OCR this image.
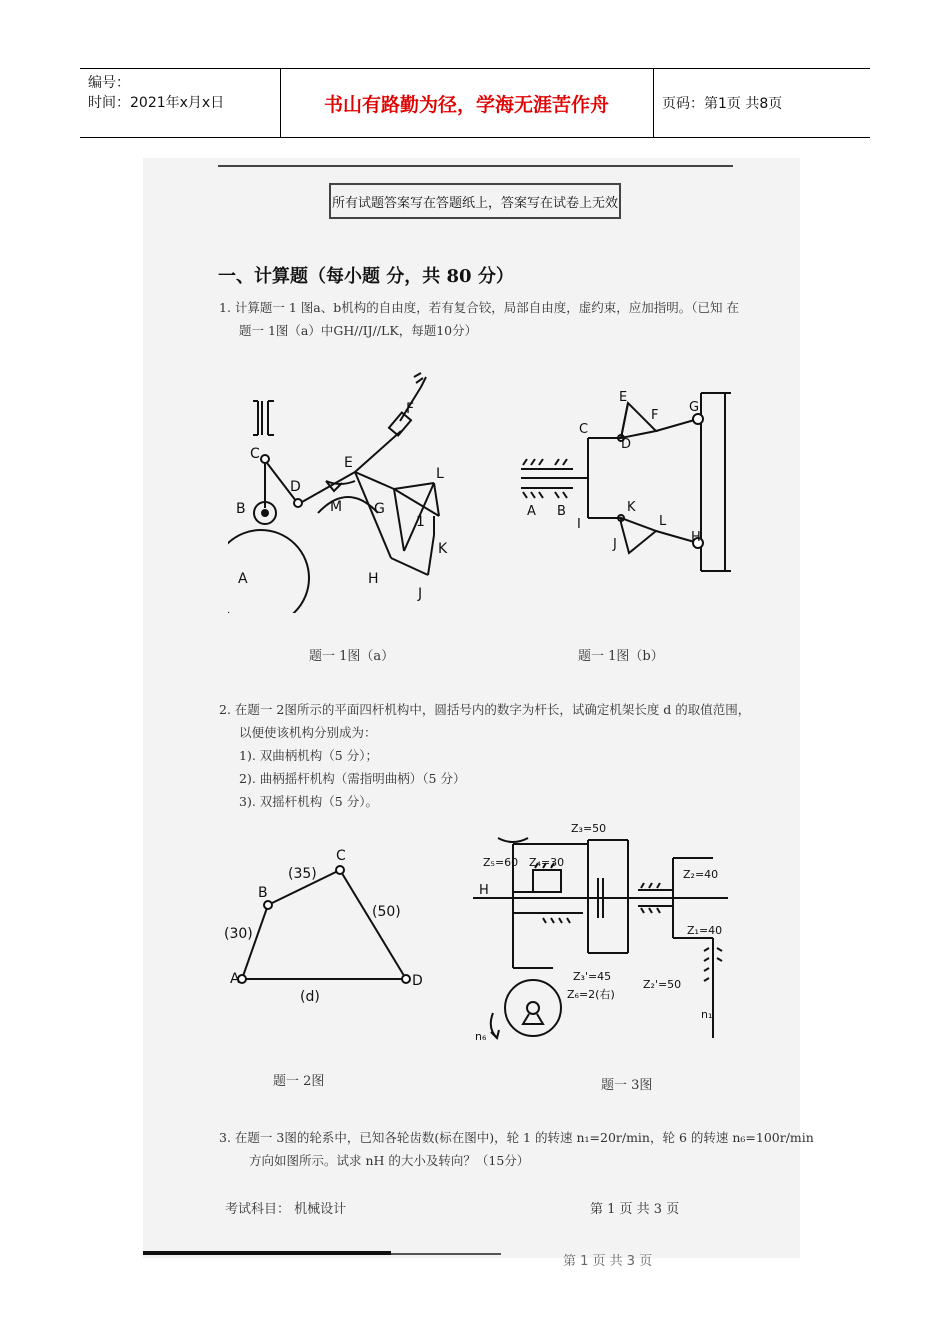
编号：
时间：2021年x月x日	书山有路勤为径，学海无涯苦作舟	页码：第1页 共8页
所有试题答案写在答题纸上，答案写在试卷上无效
一、计算题（每小题 分，共 80 分）
1. 计算题一 1 图a、b机构的自由度，若有复合铰，局部自由度，虚约束，应加指明。（已知 在
题一 1图（a）中GH//IJ//LK，每题10分）
C
B
A
D
E
F
G
M
H
1
L
K
J
题一 1图（a）
C
D
E
F
G
A B
I
K
J
L
H
题一 1图（b）
2. 在题一 2图所示的平面四杆机构中，圆括号内的数字为杆长，试确定机架长度 d 的取值范围，
以便使该机构分别成为：
1). 双曲柄机构（5 分）；
2). 曲柄摇杆机构（需指明曲柄）（5 分）
3). 双摇杆机构（5 分）。
A
B
C
D
(30)
(35)
(50)
(d)
题一 2图
Z₃=50
Z₅=60 Z₄=30
H
Z₂=40
Z₁=40
Z₃'=45
Z₂'=50
Z₆=2(右)
n₆
n₁
题一 3图
3. 在题一 3图的轮系中，已知各轮齿数(标在图中)，轮 1 的转速 n₁=20r/min，轮 6 的转速 n₆=100r/min
方向如图所示。试求 nH 的大小及转向？（15分）
考试科目： 机械设计	第 1 页 共 3 页
第 1 页 共 3 页
